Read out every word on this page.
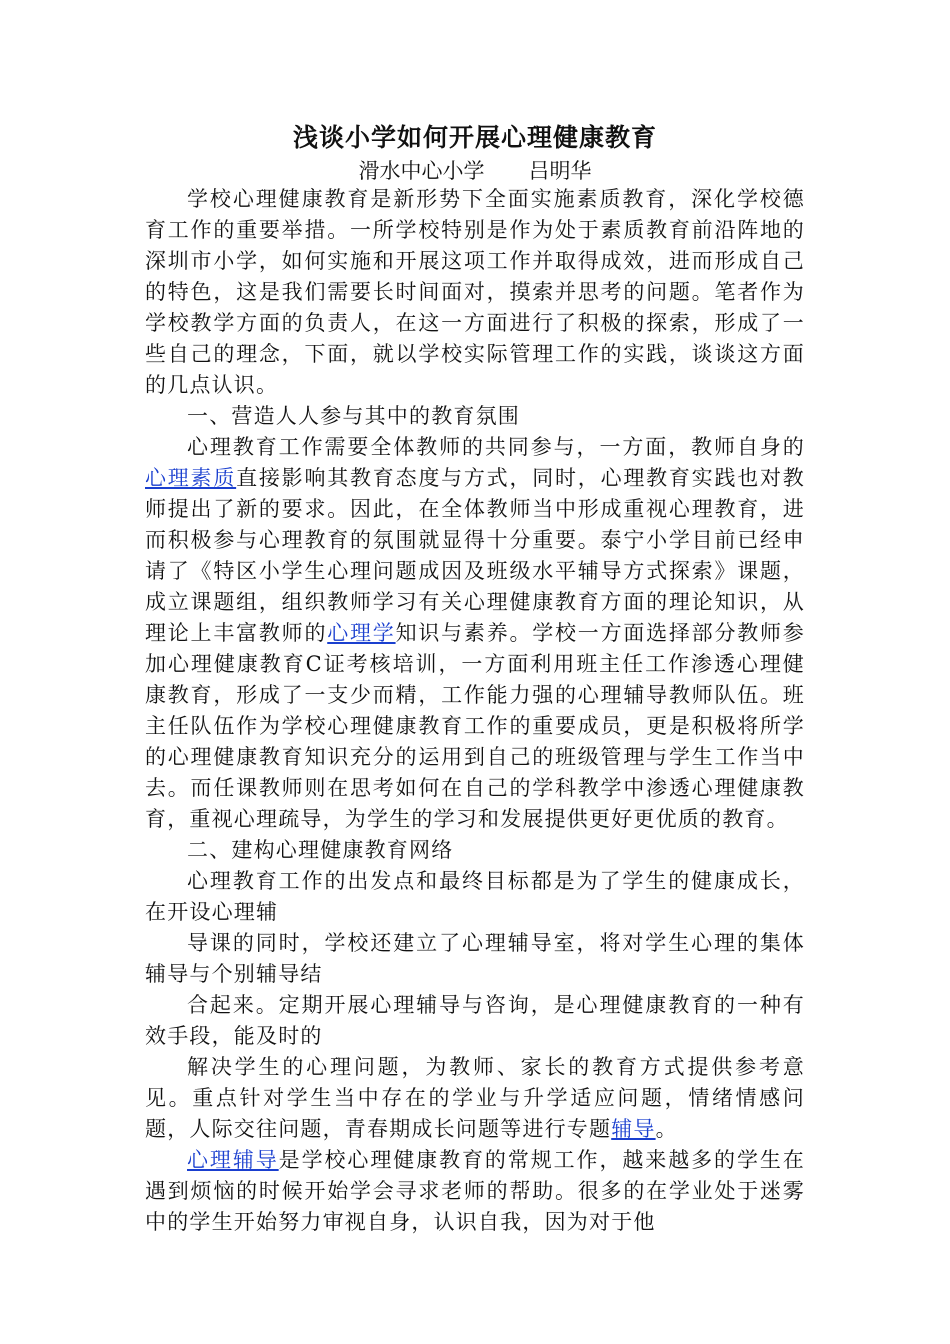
浅谈小学如何开展心理健康教育
滑水中心小学 吕明华

学校心理健康教育是新形势下全面实施素质教育，深化学校德育工作的重要举措。一所学校特别是作为处于素质教育前沿阵地的深圳市小学，如何实施和开展这项工作并取得成效，进而形成自己的特色，这是我们需要长时间面对，摸索并思考的问题。笔者作为学校教学方面的负责人，在这一方面进行了积极的探索，形成了一些自己的理念，下面，就以学校实际管理工作的实践，谈谈这方面的几点认识。

一、营造人人参与其中的教育氛围

心理教育工作需要全体教师的共同参与，一方面，教师自身的心理素质直接影响其教育态度与方式，同时，心理教育实践也对教师提出了新的要求。因此，在全体教师当中形成重视心理教育，进而积极参与心理教育的氛围就显得十分重要。泰宁小学目前已经申请了《特区小学生心理问题成因及班级水平辅导方式探索》课题，成立课题组，组织教师学习有关心理健康教育方面的理论知识，从理论上丰富教师的心理学知识与素养。学校一方面选择部分教师参加心理健康教育C证考核培训，一方面利用班主任工作渗透心理健康教育，形成了一支少而精，工作能力强的心理辅导教师队伍。班主任队伍作为学校心理健康教育工作的重要成员，更是积极将所学的心理健康教育知识充分的运用到自己的班级管理与学生工作当中去。而任课教师则在思考如何在自己的学科教学中渗透心理健康教育，重视心理疏导，为学生的学习和发展提供更好更优质的教育。

二、建构心理健康教育网络

心理教育工作的出发点和最终目标都是为了学生的健康成长，在开设心理辅

导课的同时，学校还建立了心理辅导室，将对学生心理的集体辅导与个别辅导结

合起来。定期开展心理辅导与咨询，是心理健康教育的一种有效手段，能及时的

解决学生的心理问题，为教师、家长的教育方式提供参考意见。重点针对学生当中存在的学业与升学适应问题，情绪情感问题，人际交往问题，青春期成长问题等进行专题辅导。

心理辅导是学校心理健康教育的常规工作，越来越多的学生在遇到烦恼的时候开始学会寻求老师的帮助。很多的在学业处于迷雾中的学生开始努力审视自身，认识自我，因为对于他
